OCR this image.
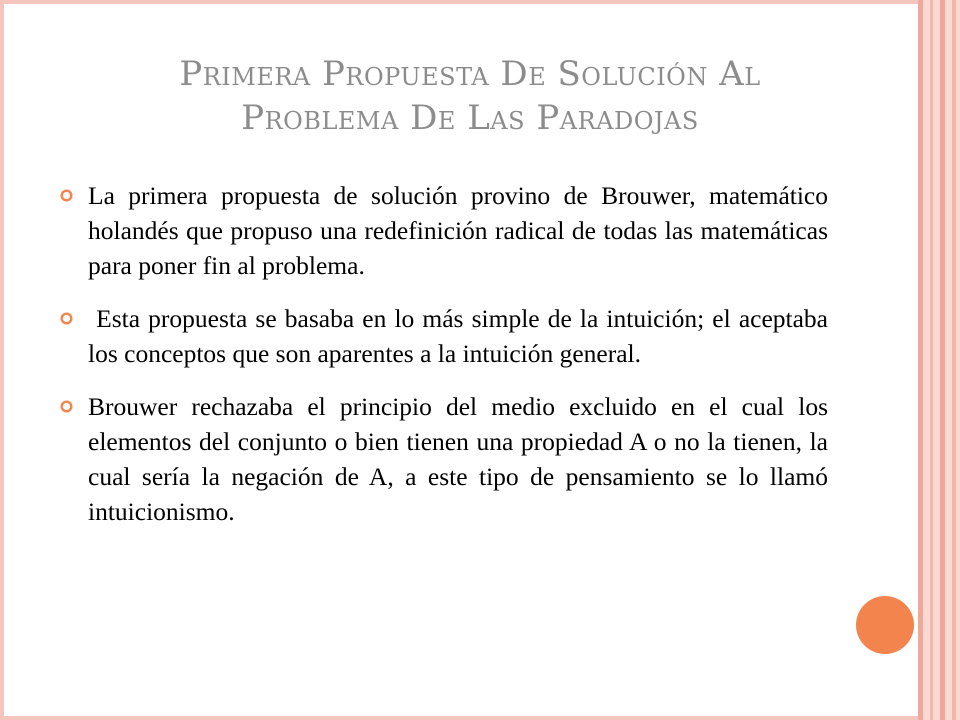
Primera Propuesta De Solución Al
Problema De Las Paradojas
La primera propuesta de solución provino de Brouwer, matemático holandés que propuso una redefinición radical de todas las matemáticas para poner fin al problema.
Esta propuesta se basaba en lo más simple de la intuición; el aceptaba los conceptos que son aparentes a la intuición general.
Brouwer rechazaba el principio del medio excluido en el cual los elementos del conjunto o bien tienen una propiedad A o no la tienen, la cual sería la negación de A, a este tipo de pensamiento se lo llamó intuicionismo.
